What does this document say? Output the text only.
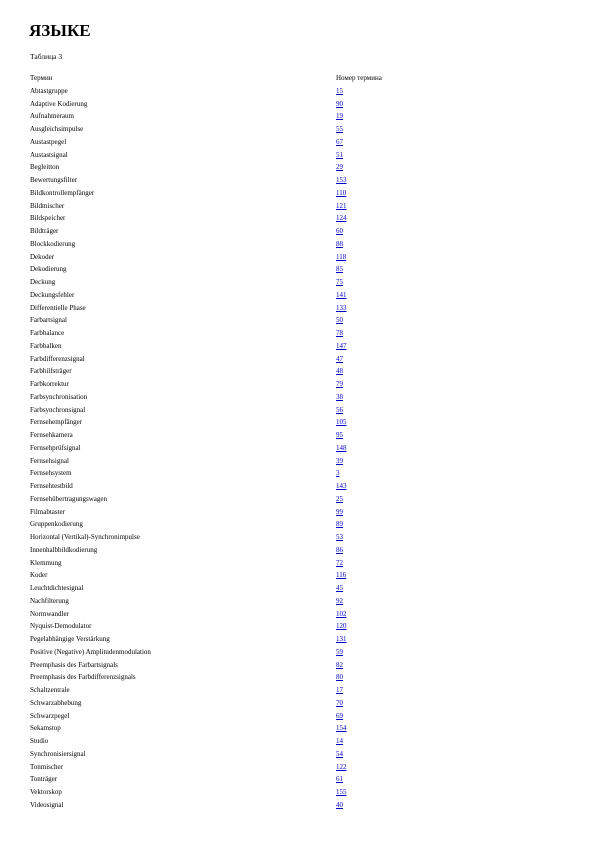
ЯЗЫКЕ
Таблица 3
Термин	Номер термина
Abtastgruppe	15
Adaptive Kodierung	90
Aufnahmeraum	19
Ausgleichsimpulse	55
Austastpegel	67
Austastsignal	51
Begleitton	29
Bewertungsfilter	153
Bildkontrollempfänger	110
Bildmischer	121
Bildspeicher	124
Bildträger	60
Blockkodierung	88
Dekoder	118
Dekodierung	85
Deckung	75
Deckungsfehler	141
Differentielle Phase	133
Farbartsignal	50
Farbbalance	78
Farbbalken	147
Farbdifferenzsignal	47
Farbhilfsträger	48
Farbkorrektur	79
Farbsynchronisation	38
Farbsynchronsignal	56
Fernsehempfänger	105
Fernsehkamera	95
Fernsehprüfsignal	148
Fernsehsignal	39
Fernsehsystem	3
Fernsehtestbild	143
Fernsehübertragungswagen	25
Filmabtaster	99
Gruppenkodierung	89
Horizontal (Vertikal)-Synchronimpulse	53
Innenhalbbildkodierung	86
Klemmung	72
Koder	116
Leuchtdichtesignal	45
Nachfilterung	92
Normwandler	102
Nyquist-Demodulator	120
Pegelabhängige Verstärkung	131
Positive (Negative) Amplitudenmodulation	59
Preemphasis des Farbartsignals	82
Preemphasis des Farbdifferenzsignals	80
Schaltzentrale	17
Schwarzabhebung	70
Schwarzpegel	69
Sekamstop	154
Studio	14
Synchronisiersignal	54
Tonmischer	122
Tonträger	61
Vektorskop	155
Videosignal	40
